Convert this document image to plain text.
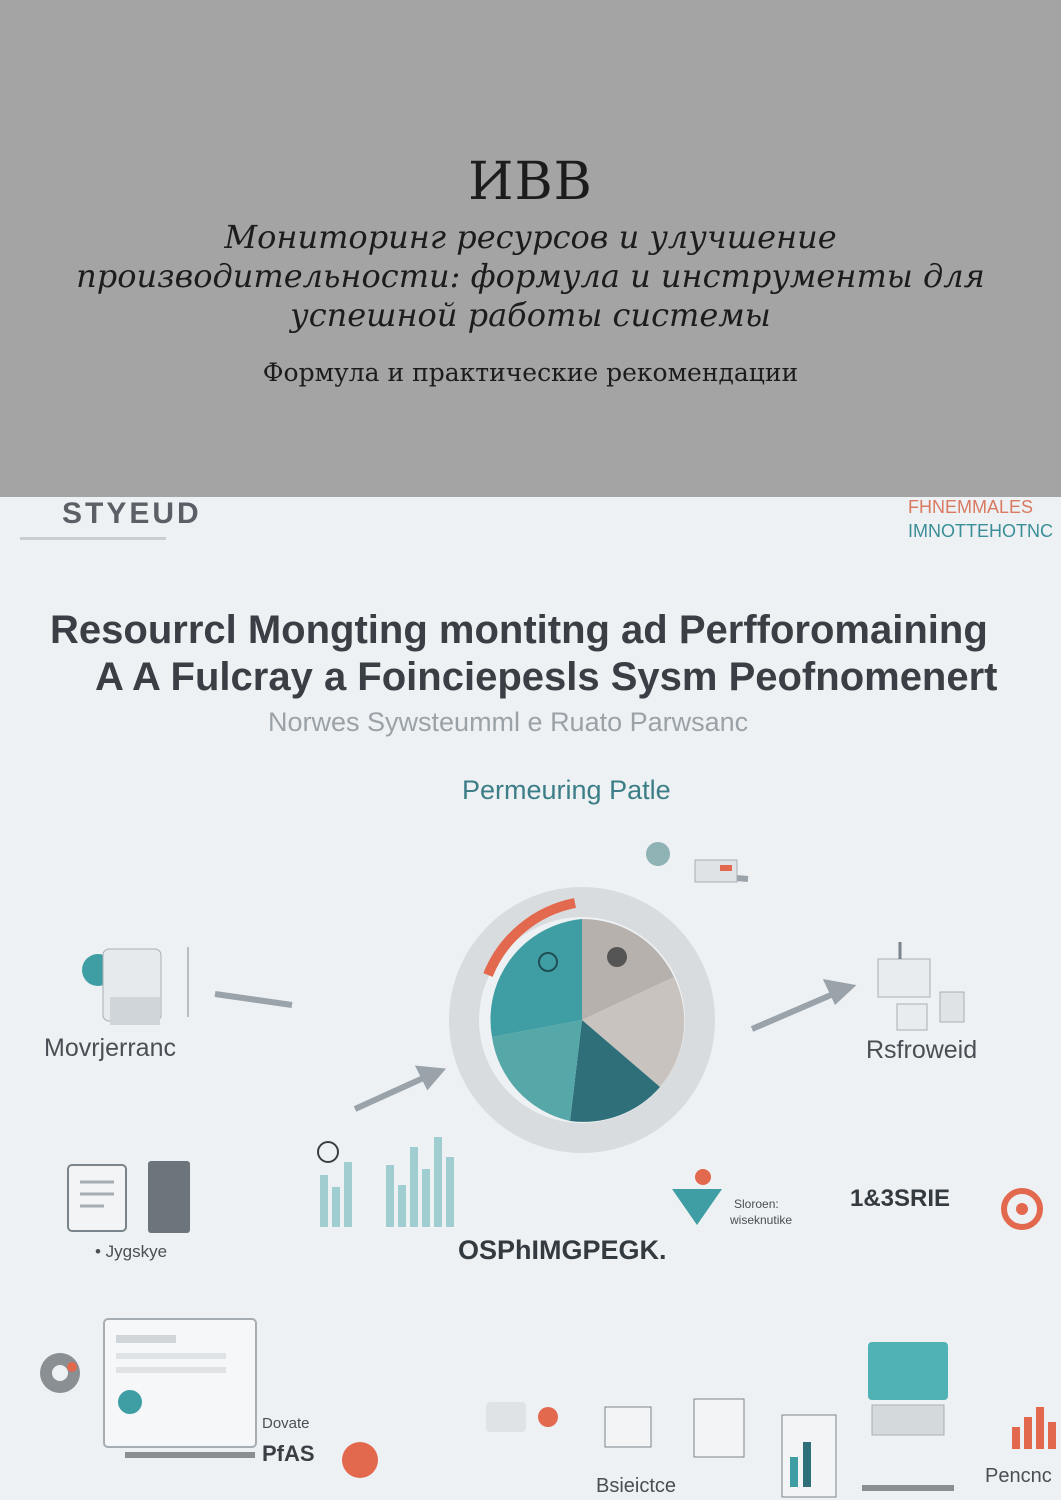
ИВВ
Мониторинг ресурсов и улучшение производительности: формула и инструменты для успешной работы системы
Формула и практические рекомендации
STYEUD	FHNEMMALES
IMNOTTEHOTNC
Resourrcl Mongting montitng ad Perfforomaining
A A Fulcray a Foinciepesls Sysm Peofnomenert
Norwes Sywsteumml e Ruato Parwsanc
Permeuring Patle
Movrjerranc	Rsfroweid
• Jygskye	OSPhIMGPEGK.
Sloroen:
wiseknutike
1&3SRIE
Dovate
PfAS
Bsieictce	Pencnc
